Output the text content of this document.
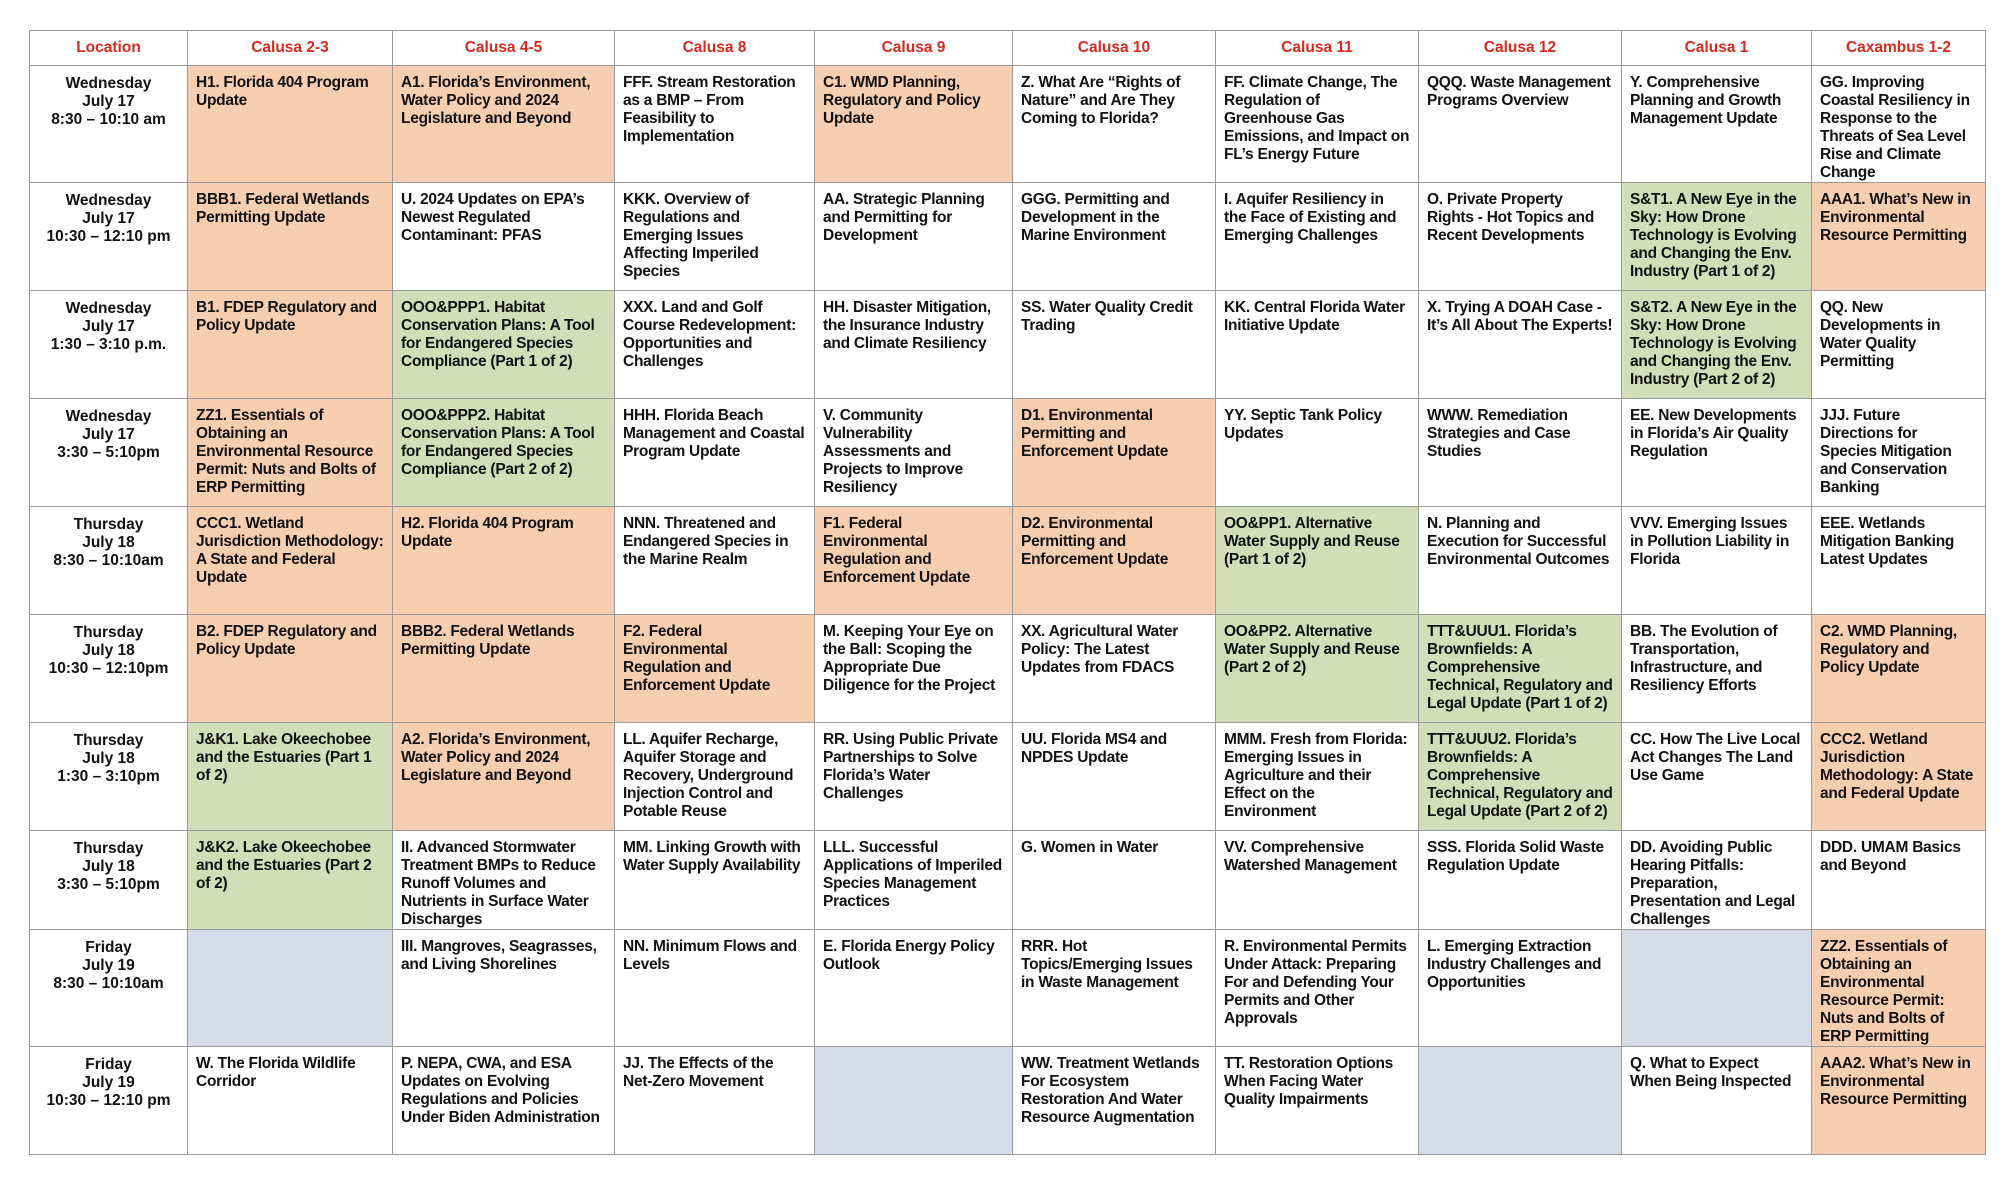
Location	Calusa 2-3	Calusa 4-5	Calusa 8	Calusa 9	Calusa 10	Calusa 11	Calusa 12	Calusa 1	Caxambus 1-2

Wednesday
July 17
8:30 – 10:10 am	H1. Florida 404 Program Update	A1. Florida’s Environment, Water Policy and 2024 Legislature and Beyond	FFF. Stream Restoration as a BMP – From Feasibility to Implementation	C1. WMD Planning, Regulatory and Policy Update	Z. What Are “Rights of Nature” and Are They Coming to Florida?	FF. Climate Change, The Regulation of Greenhouse Gas Emissions, and Impact on FL’s Energy Future	QQQ. Waste Management Programs Overview	Y. Comprehensive Planning and Growth Management Update	GG. Improving Coastal Resiliency in Response to the Threats of Sea Level Rise and Climate Change

Wednesday
July 17
10:30 – 12:10 pm	BBB1. Federal Wetlands Permitting Update	U. 2024 Updates on EPA’s Newest Regulated Contaminant: PFAS	KKK. Overview of Regulations and Emerging Issues Affecting Imperiled Species	AA. Strategic Planning and Permitting for Development	GGG. Permitting and Development in the Marine Environment	I. Aquifer Resiliency in the Face of Existing and Emerging Challenges	O. Private Property Rights - Hot Topics and Recent Developments	S&T1. A New Eye in the Sky: How Drone Technology is Evolving and Changing the Env. Industry (Part 1 of 2)	AAA1. What’s New in Environmental Resource Permitting

Wednesday
July 17
1:30 – 3:10 p.m.	B1. FDEP Regulatory and Policy Update	OOO&PPP1. Habitat Conservation Plans: A Tool for Endangered Species Compliance (Part 1 of 2)	XXX. Land and Golf Course Redevelopment: Opportunities and Challenges	HH. Disaster Mitigation, the Insurance Industry and Climate Resiliency	SS. Water Quality Credit Trading	KK. Central Florida Water Initiative Update	X. Trying A DOAH Case - It’s All About The Experts!	S&T2. A New Eye in the Sky: How Drone Technology is Evolving and Changing the Env. Industry (Part 2 of 2)	QQ. New Developments in Water Quality Permitting

Wednesday
July 17
3:30 – 5:10pm	ZZ1. Essentials of Obtaining an Environmental Resource Permit: Nuts and Bolts of ERP Permitting	OOO&PPP2. Habitat Conservation Plans: A Tool for Endangered Species Compliance (Part 2 of 2)	HHH. Florida Beach Management and Coastal Program Update	V. Community Vulnerability Assessments and Projects to Improve Resiliency	D1. Environmental Permitting and Enforcement Update	YY. Septic Tank Policy Updates	WWW. Remediation Strategies and Case Studies	EE. New Developments in Florida’s Air Quality Regulation	JJJ. Future Directions for Species Mitigation and Conservation Banking

Thursday
July 18
8:30 – 10:10am	CCC1. Wetland Jurisdiction Methodology: A State and Federal Update	H2. Florida 404 Program Update	NNN. Threatened and Endangered Species in the Marine Realm	F1. Federal Environmental Regulation and Enforcement Update	D2. Environmental Permitting and Enforcement Update	OO&PP1. Alternative Water Supply and Reuse (Part 1 of 2)	N. Planning and Execution for Successful Environmental Outcomes	VVV. Emerging Issues in Pollution Liability in Florida	EEE. Wetlands Mitigation Banking Latest Updates

Thursday
July 18
10:30 – 12:10pm	B2. FDEP Regulatory and Policy Update	BBB2. Federal Wetlands Permitting Update	F2. Federal Environmental Regulation and Enforcement Update	M. Keeping Your Eye on the Ball: Scoping the Appropriate Due Diligence for the Project	XX. Agricultural Water Policy: The Latest Updates from FDACS	OO&PP2. Alternative Water Supply and Reuse (Part 2 of 2)	TTT&UUU1. Florida’s Brownfields: A Comprehensive Technical, Regulatory and Legal Update (Part 1 of 2)	BB. The Evolution of Transportation, Infrastructure, and Resiliency Efforts	C2. WMD Planning, Regulatory and Policy Update

Thursday
July 18
1:30 – 3:10pm	J&K1. Lake Okeechobee and the Estuaries (Part 1 of 2)	A2. Florida’s Environment, Water Policy and 2024 Legislature and Beyond	LL. Aquifer Recharge, Aquifer Storage and Recovery, Underground Injection Control and Potable Reuse	RR. Using Public Private Partnerships to Solve Florida’s Water Challenges	UU. Florida MS4 and NPDES Update	MMM. Fresh from Florida: Emerging Issues in Agriculture and their Effect on the Environment	TTT&UUU2. Florida’s Brownfields: A Comprehensive Technical, Regulatory and Legal Update (Part 2 of 2)	CC. How The Live Local Act Changes The Land Use Game	CCC2. Wetland Jurisdiction Methodology: A State and Federal Update

Thursday
July 18
3:30 – 5:10pm	J&K2. Lake Okeechobee and the Estuaries (Part 2 of 2)	II. Advanced Stormwater Treatment BMPs to Reduce Runoff Volumes and Nutrients in Surface Water Discharges	MM. Linking Growth with Water Supply Availability	LLL. Successful Applications of Imperiled Species Management Practices	G. Women in Water	VV. Comprehensive Watershed Management	SSS. Florida Solid Waste Regulation Update	DD. Avoiding Public Hearing Pitfalls: Preparation, Presentation and Legal Challenges	DDD. UMAM Basics and Beyond

Friday
July 19
8:30 – 10:10am		III. Mangroves, Seagrasses, and Living Shorelines	NN. Minimum Flows and Levels	E. Florida Energy Policy Outlook	RRR. Hot Topics/Emerging Issues in Waste Management	R. Environmental Permits Under Attack: Preparing For and Defending Your Permits and Other Approvals	L. Emerging Extraction Industry Challenges and Opportunities		ZZ2. Essentials of Obtaining an Environmental Resource Permit: Nuts and Bolts of ERP Permitting

Friday
July 19
10:30 – 12:10 pm	W. The Florida Wildlife Corridor	P. NEPA, CWA, and ESA Updates on Evolving Regulations and Policies Under Biden Administration	JJ. The Effects of the Net-Zero Movement		WW. Treatment Wetlands For Ecosystem Restoration And Water Resource Augmentation	TT. Restoration Options When Facing Water Quality Impairments		Q. What to Expect When Being Inspected	AAA2. What’s New in Environmental Resource Permitting
